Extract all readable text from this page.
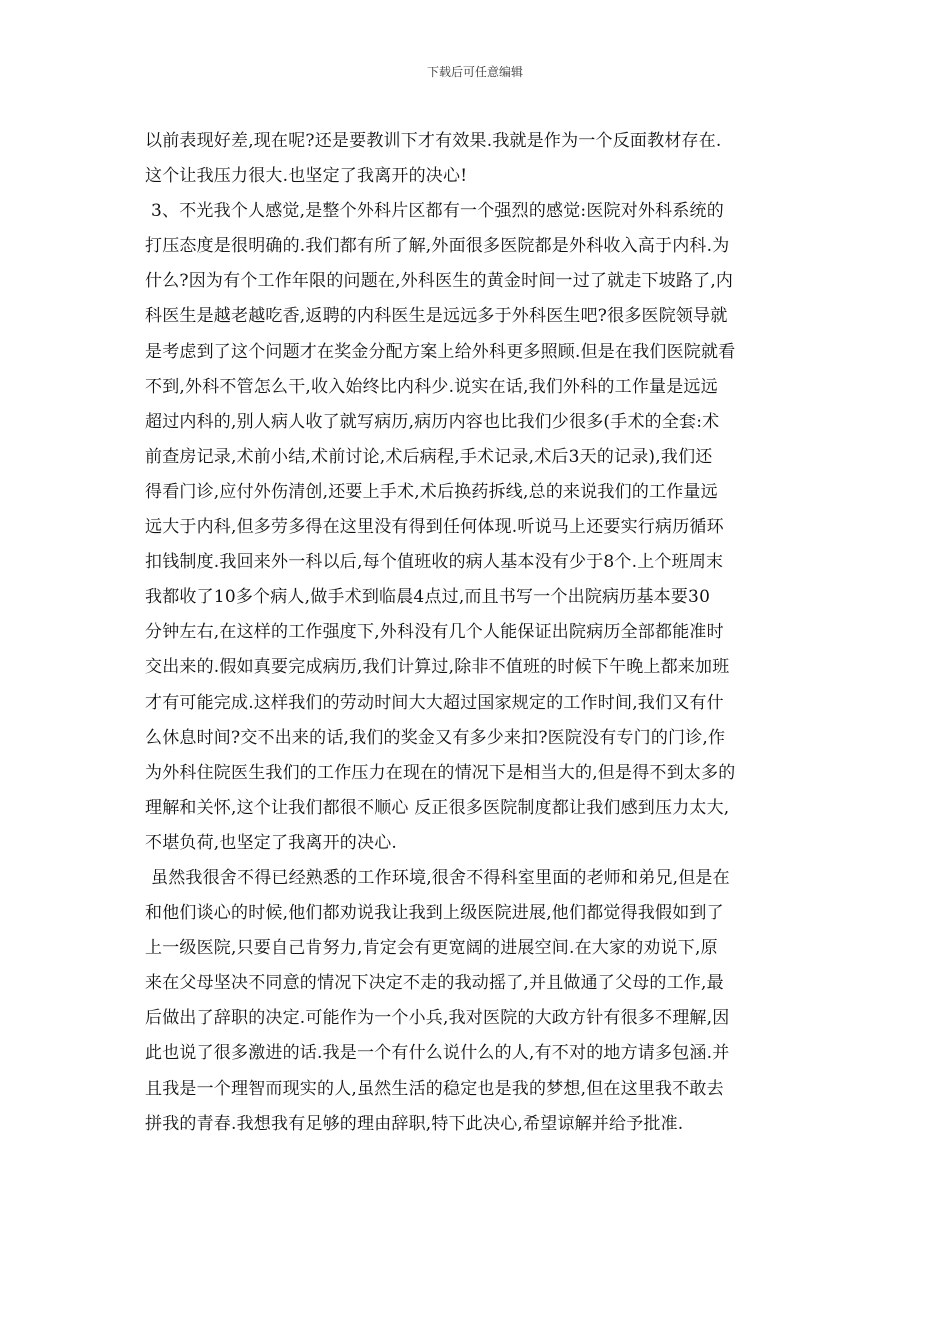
下载后可任意编辑
以前表现好差,现在呢?还是要教训下才有效果.我就是作为一个反面教材存在.
这个让我压力很大.也坚定了我离开的决心!
3、不光我个人感觉,是整个外科片区都有一个强烈的感觉:医院对外科系统的
打压态度是很明确的.我们都有所了解,外面很多医院都是外科收入高于内科.为
什么?因为有个工作年限的问题在,外科医生的黄金时间一过了就走下坡路了,内
科医生是越老越吃香,返聘的内科医生是远远多于外科医生吧?很多医院领导就
是考虑到了这个问题才在奖金分配方案上给外科更多照顾.但是在我们医院就看
不到,外科不管怎么干,收入始终比内科少.说实在话,我们外科的工作量是远远
超过内科的,别人病人收了就写病历,病历内容也比我们少很多(手术的全套:术
前查房记录,术前小结,术前讨论,术后病程,手术记录,术后3天的记录),我们还
得看门诊,应付外伤清创,还要上手术,术后换药拆线,总的来说我们的工作量远
远大于内科,但多劳多得在这里没有得到任何体现.听说马上还要实行病历循环
扣钱制度.我回来外一科以后,每个值班收的病人基本没有少于8个.上个班周末
我都收了10多个病人,做手术到临晨4点过,而且书写一个出院病历基本要30
分钟左右,在这样的工作强度下,外科没有几个人能保证出院病历全部都能准时
交出来的.假如真要完成病历,我们计算过,除非不值班的时候下午晚上都来加班
才有可能完成.这样我们的劳动时间大大超过国家规定的工作时间,我们又有什
么休息时间?交不出来的话,我们的奖金又有多少来扣?医院没有专门的门诊,作
为外科住院医生我们的工作压力在现在的情况下是相当大的,但是得不到太多的
理解和关怀,这个让我们都很不顺心 反正很多医院制度都让我们感到压力太大,
不堪负荷,也坚定了我离开的决心.
虽然我很舍不得已经熟悉的工作环境,很舍不得科室里面的老师和弟兄,但是在
和他们谈心的时候,他们都劝说我让我到上级医院进展,他们都觉得我假如到了
上一级医院,只要自己肯努力,肯定会有更宽阔的进展空间.在大家的劝说下,原
来在父母坚决不同意的情况下决定不走的我动摇了,并且做通了父母的工作,最
后做出了辞职的决定.可能作为一个小兵,我对医院的大政方针有很多不理解,因
此也说了很多激进的话.我是一个有什么说什么的人,有不对的地方请多包涵.并
且我是一个理智而现实的人,虽然生活的稳定也是我的梦想,但在这里我不敢去
拼我的青春.我想我有足够的理由辞职,特下此决心,希望谅解并给予批准.
